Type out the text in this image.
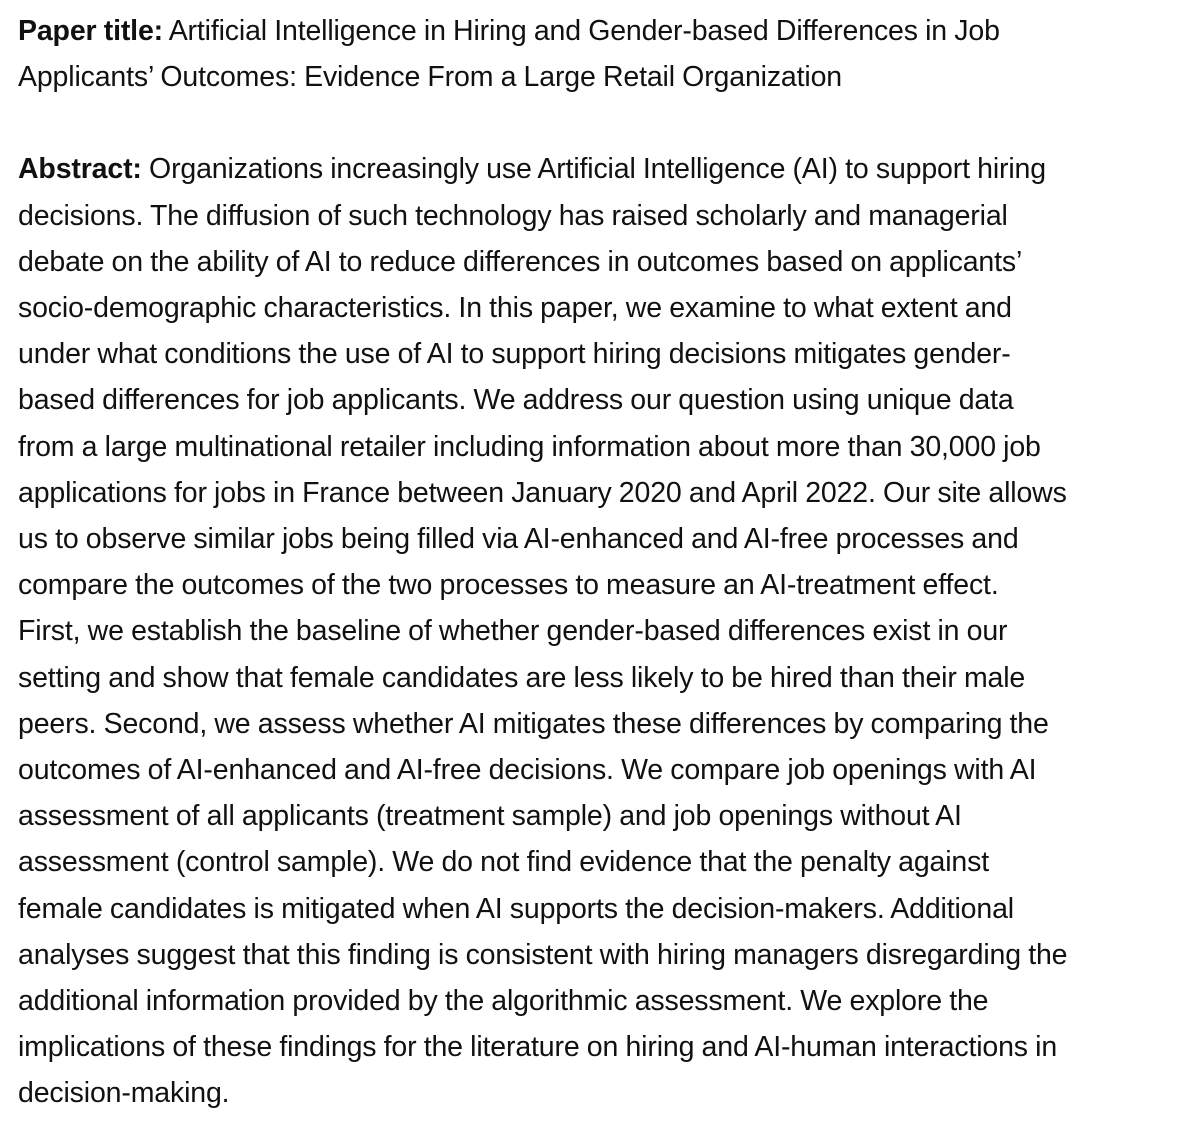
Paper title: Artificial Intelligence in Hiring and Gender-based Differences in Job
Applicants’ Outcomes: Evidence From a Large Retail Organization

Abstract: Organizations increasingly use Artificial Intelligence (AI) to support hiring
decisions. The diffusion of such technology has raised scholarly and managerial
debate on the ability of AI to reduce differences in outcomes based on applicants’
socio-demographic characteristics. In this paper, we examine to what extent and
under what conditions the use of AI to support hiring decisions mitigates gender-
based differences for job applicants. We address our question using unique data
from a large multinational retailer including information about more than 30,000 job
applications for jobs in France between January 2020 and April 2022. Our site allows
us to observe similar jobs being filled via AI-enhanced and AI-free processes and
compare the outcomes of the two processes to measure an AI-treatment effect.
First, we establish the baseline of whether gender-based differences exist in our
setting and show that female candidates are less likely to be hired than their male
peers. Second, we assess whether AI mitigates these differences by comparing the
outcomes of AI-enhanced and AI-free decisions. We compare job openings with AI
assessment of all applicants (treatment sample) and job openings without AI
assessment (control sample). We do not find evidence that the penalty against
female candidates is mitigated when AI supports the decision-makers. Additional
analyses suggest that this finding is consistent with hiring managers disregarding the
additional information provided by the algorithmic assessment. We explore the
implications of these findings for the literature on hiring and AI-human interactions in
decision-making.
